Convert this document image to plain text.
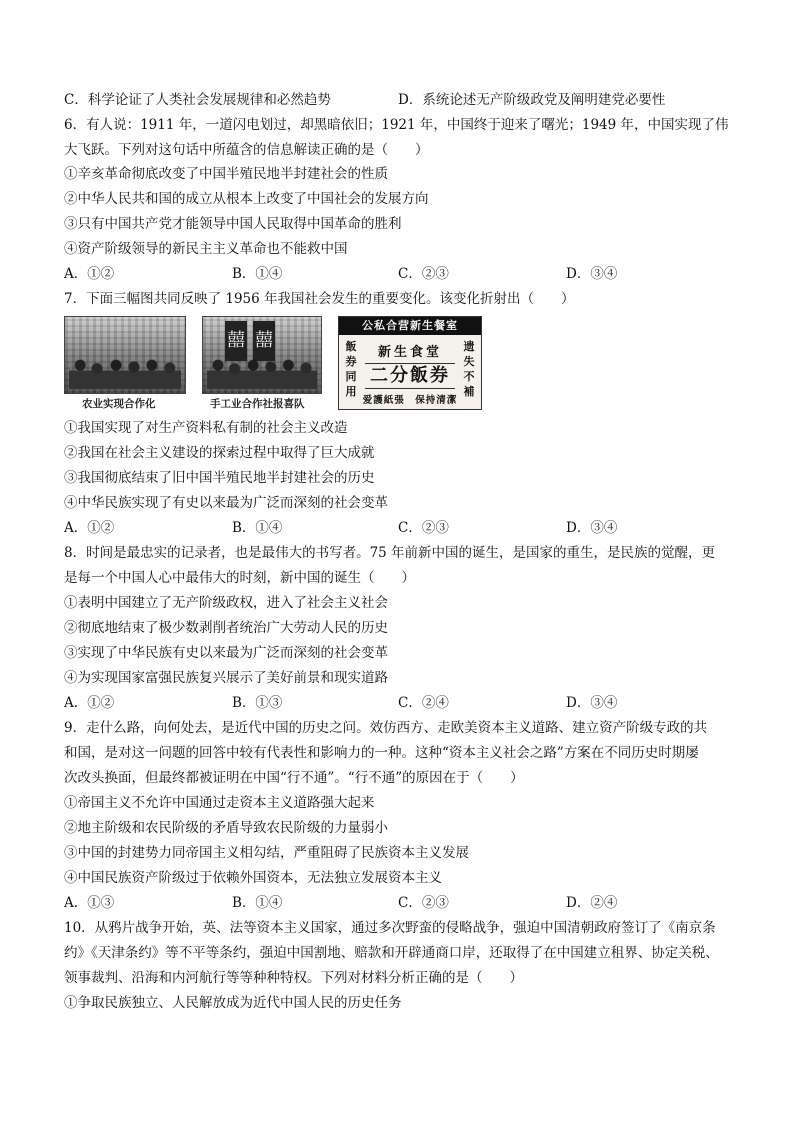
C．科学论证了人类社会发展规律和必然趋势	D．系统论述无产阶级政党及阐明建党必要性
6．有人说：1911 年，一道闪电划过，却黑暗依旧；1921 年，中国终于迎来了曙光；1949 年，中国实现了伟
大飞跃。下列对这句话中所蕴含的信息解读正确的是（　　）
①辛亥革命彻底改变了中国半殖民地半封建社会的性质
②中华人民共和国的成立从根本上改变了中国社会的发展方向
③只有中国共产党才能领导中国人民取得中国革命的胜利
④资产阶级领导的新民主主义革命也不能救中国
A．①②	B．①④	C．②③	D．③④
7．下面三幅图共同反映了 1956 年我国社会发生的重要变化。该变化折射出（　　）
农业实现合作化
囍 囍
手工业合作社报喜队
公私合营新生餐室
飯券同用
新生食堂
二分飯券
遗失不補
爱護紙張　保持清潔
①我国实现了对生产资料私有制的社会主义改造
②我国在社会主义建设的探索过程中取得了巨大成就
③我国彻底结束了旧中国半殖民地半封建社会的历史
④中华民族实现了有史以来最为广泛而深刻的社会变革
A．①②	B．①④	C．②③	D．③④
8．时间是最忠实的记录者，也是最伟大的书写者。75 年前新中国的诞生，是国家的重生，是民族的觉醒，更
是每一个中国人心中最伟大的时刻，新中国的诞生（　　）
①表明中国建立了无产阶级政权，进入了社会主义社会
②彻底地结束了极少数剥削者统治广大劳动人民的历史
③实现了中华民族有史以来最为广泛而深刻的社会变革
④为实现国家富强民族复兴展示了美好前景和现实道路
A．①②	B．①③	C．②④	D．③④
9．走什么路，向何处去，是近代中国的历史之问。效仿西方、走欧美资本主义道路、建立资产阶级专政的共
和国，是对这一问题的回答中较有代表性和影响力的一种。这种“资本主义社会之路”方案在不同历史时期屡
次改头换面，但最终都被证明在中国“行不通”。“行不通”的原因在于（　　）
①帝国主义不允许中国通过走资本主义道路强大起来
②地主阶级和农民阶级的矛盾导致农民阶级的力量弱小
③中国的封建势力同帝国主义相勾结，严重阻碍了民族资本主义发展
④中国民族资产阶级过于依赖外国资本，无法独立发展资本主义
A．①③	B．①④	C．②③	D．②④
10．从鸦片战争开始，英、法等资本主义国家，通过多次野蛮的侵略战争，强迫中国清朝政府签订了《南京条
约》《天津条约》等不平等条约，强迫中国割地、赔款和开辟通商口岸，还取得了在中国建立租界、协定关税、
领事裁判、沿海和内河航行等等种种特权。下列对材料分析正确的是（　　）
①争取民族独立、人民解放成为近代中国人民的历史任务
